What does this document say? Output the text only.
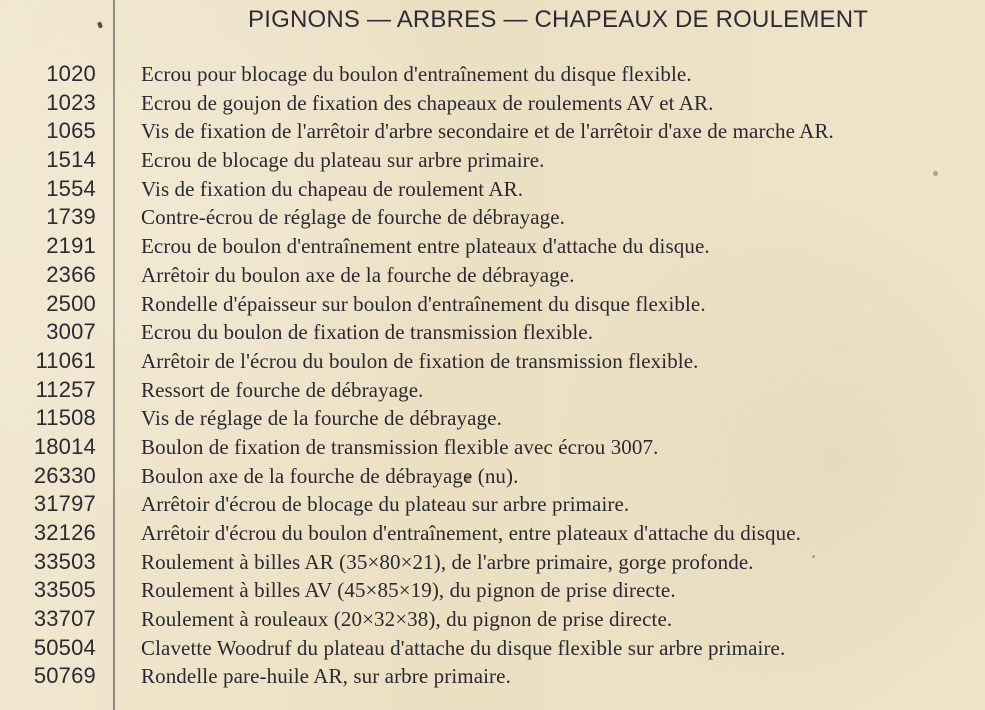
PIGNONS — ARBRES — CHAPEAUX DE ROULEMENT
1020 Ecrou pour blocage du boulon d'entraînement du disque flexible.
1023 Ecrou de goujon de fixation des chapeaux de roulements AV et AR.
1065 Vis de fixation de l'arrêtoir d'arbre secondaire et de l'arrêtoir d'axe de marche AR.
1514 Ecrou de blocage du plateau sur arbre primaire.
1554 Vis de fixation du chapeau de roulement AR.
1739 Contre-écrou de réglage de fourche de débrayage.
2191 Ecrou de boulon d'entraînement entre plateaux d'attache du disque.
2366 Arrêtoir du boulon axe de la fourche de débrayage.
2500 Rondelle d'épaisseur sur boulon d'entraînement du disque flexible.
3007 Ecrou du boulon de fixation de transmission flexible.
11061 Arrêtoir de l'écrou du boulon de fixation de transmission flexible.
11257 Ressort de fourche de débrayage.
11508 Vis de réglage de la fourche de débrayage.
18014 Boulon de fixation de transmission flexible avec écrou 3007.
26330 Boulon axe de la fourche de débrayage (nu).
31797 Arrêtoir d'écrou de blocage du plateau sur arbre primaire.
32126 Arrêtoir d'écrou du boulon d'entraînement, entre plateaux d'attache du disque.
33503 Roulement à billes AR (35×80×21), de l'arbre primaire, gorge profonde.
33505 Roulement à billes AV (45×85×19), du pignon de prise directe.
33707 Roulement à rouleaux (20×32×38), du pignon de prise directe.
50504 Clavette Woodruf du plateau d'attache du disque flexible sur arbre primaire.
50769 Rondelle pare-huile AR, sur arbre primaire.
